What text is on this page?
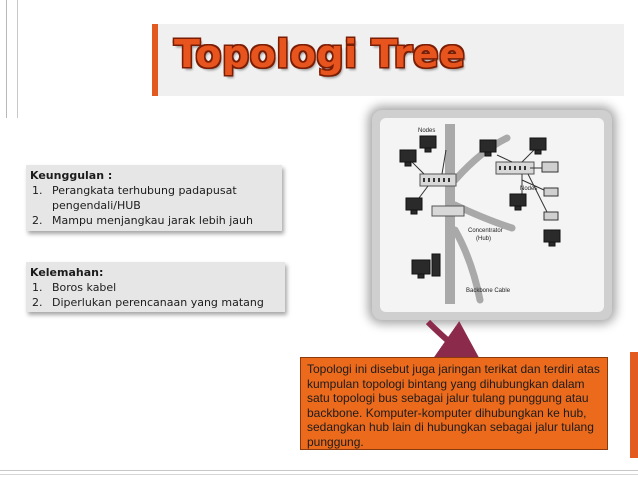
Topologi Tree
Keunggulan :
1. Perangkata terhubung padapusat pengendali/HUB
2. Mampu menjangkau jarak lebih jauh
Kelemahan:
1. Boros kabel
2. Diperlukan perencanaan yang matang
Nodes
Nodes
Concentrator
(Hub)
Backbone Cable
Topologi ini disebut juga jaringan terikat dan terdiri atas kumpulan topologi bintang yang dihubungkan dalam satu topologi bus sebagai jalur tulang punggung atau backbone. Komputer-komputer dihubungkan ke hub, sedangkan hub lain di hubungkan sebagai jalur tulang punggung.
